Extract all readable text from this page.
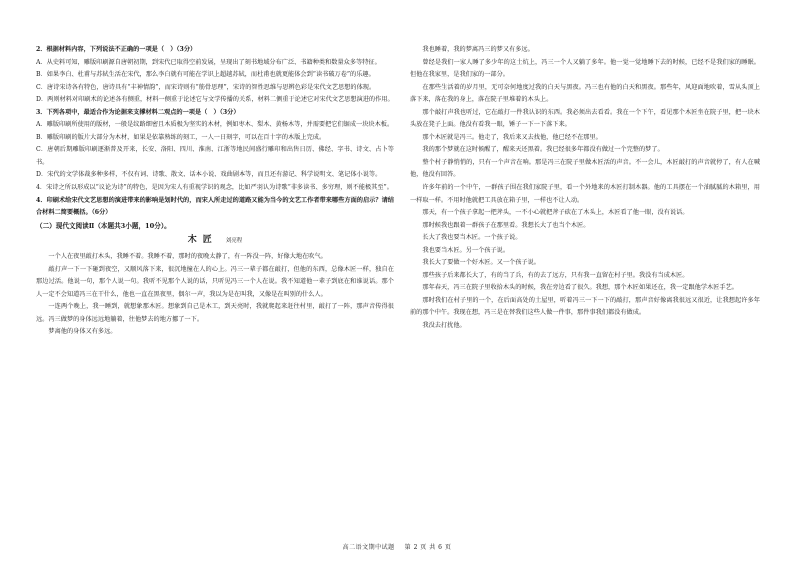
2．根据材料内容，下列说法不正确的一项是（　）（3分）

A．从史料可知，雕版印刷源自唐朝初期，到宋代已取得空前发展，呈现出了刻书地域分布广泛、书籍种类和数量众多等特征。

B．如果李白、杜甫与苏轼生活在宋代，那么李白就有可能在学识上超越苏轼，而杜甫也就更能体会到“读书破万卷”的乐趣。

C．唐诗宋诗各有特色，唐诗具有“丰神情韵”，而宋诗则有“筋骨思理”，宋诗的智性思维与思辨色彩是宋代文艺思想的体现。

D．两则材料对印刷术的论述各有侧重，材料一侧重于论述它与文学传播的关系，材料二侧重于论述它对宋代文艺思想演进的作用。

3．下列各项中，最适合作为论据来支撑材料二观点的一项是（　）（3分）

A．雕版印刷所使用的版材，一般是纹路细密且木质极为坚实的木材，例如枣木、梨木、黄杨木等，并需要把它们锯成一块块木板。

B．雕版印刷的版片大部分为木材，如果是依靠熟练的刻工，一人一日刻字，可以在百十字的木版上完成。

C．唐朝后期雕版印刷逐渐普及开来，长安、洛阳、四川、淮南、江浙等地民间盛行雕印和出售日历、佛经、字书、诗文、占卜等书。

D．宋代的文学体裁多种多样，不仅有词、诗歌、散文、话本小说、戏曲剧本等，而且还有游记、科学说明文、笔记体小说等。

4．宋诗之所以形成以“议论为诗”的特色，是因为宋人有重视学识的观念，比如严羽认为诗歌“非多读书、多穷理，则不能极其至”。

4．印刷术给宋代文艺思想的演进带来的影响是划时代的，而宋人所走过的道路又能为当今的文艺工作者带来哪些方面的启示？请结合材料二简要概括。（6分）

（二）现代文阅读Ⅱ（本题共3小题，10分）。

木匠 刘亮程

一个人在夜里敲打木头，我睡不着。我睡不着，那时的夜晚太静了，有一阵没一阵，好像大地在吹气。

敲打声一下一下砸到夜空，又顺风落下来，很沉地撞在人的心上。冯三一辈子都在敲打，但他的东西，总像木匠一样，独自在那边过活。他说一句，那个人说一句。我听不见那个人说的话，只听见冯三一个人在说。我不知道他一辈子到底在和谁说话。那个人一定不会知道冯三在干什么，他也一直在黑夜里，偶尔一声，我以为是在叫我，又像是在叫别的什么人。

一连两个晚上，我一睡到，就想象那木匠。想象到自己是木工，到天亮时，我就爬起来赶往村里，敲打了一阵，那声音传得很远。冯三做梦的身体远远地躺着，往他梦去的地方挪了一下。

梦离他的身体又有多远。

我也睡着，我的梦离冯三的梦又有多远。

曾经是我们一家人睡了多少年的这土炕上，冯三一个人又躺了多年。他一觉一觉地睡下去的时候，已经不是我们家的睡眠。但他在我家里，是我们家的一部分。

在那些生活着的岁月里，无可奈何地度过我的白天与黑夜。冯三也有他的白天和黑夜。那些年，风迎面地吹着，雪从头顶上落下来，落在我的身上，落在院子里堆着的木头上。

那个敲打声我也听过，它在敲打一件我认识的东西。我必须出去看看。我在一个下午，看见那个木匠坐在院子里，把一块木头放在凳子上面。他没有看我一眼，锤子一下一下落下来。

那个木匠就是冯三。他走了，我后来又去找他，他已经不在那里。

我的那个梦就在这时候醒了，醒来天还黑着。我已经很多年都没有做过一个完整的梦了。

整个村子静悄悄的，只有一个声音在响。那是冯三在院子里做木匠活的声音。不一会儿，木匠敲打的声音就停了，有人在喊他，他没有回答。

许多年前的一个中午，一群孩子围在我们家院子里，看一个外地来的木匠打制木器。他的工具摆在一个油腻腻的木箱里，用一样取一样。不用时他就把工具放在箱子里，一样也不让人动。

那天，有一个孩子拿起一把斧头，一不小心就把斧子砍在了木头上，木匠看了他一眼，没有说话。

那时候我也跟着一群孩子在那里看。我想长大了也当个木匠。

长大了我也要当木匠。一个孩子说。

我也要当木匠。另一个孩子说。

我长大了要做一个好木匠。又一个孩子说。

那些孩子后来都长大了，有的当了兵，有的去了远方，只有我一直留在村子里。我没有当成木匠。

那年春天，冯三在院子里收拾木头的时候，我在旁边看了很久。我想，那个木匠如果还在，我一定跟他学木匠手艺。

那时我们在村子里的一个，在后面高处的土屋里，听着冯三一下一下的敲打，那声音好像离我很远又很近，让我想起许多年前的那个中午。我现在想，冯三是在替我们这些人做一件事，那件事我们都没有做成。

我没去打扰他。

高二语文期中试题 第 2 页 共 6 页
